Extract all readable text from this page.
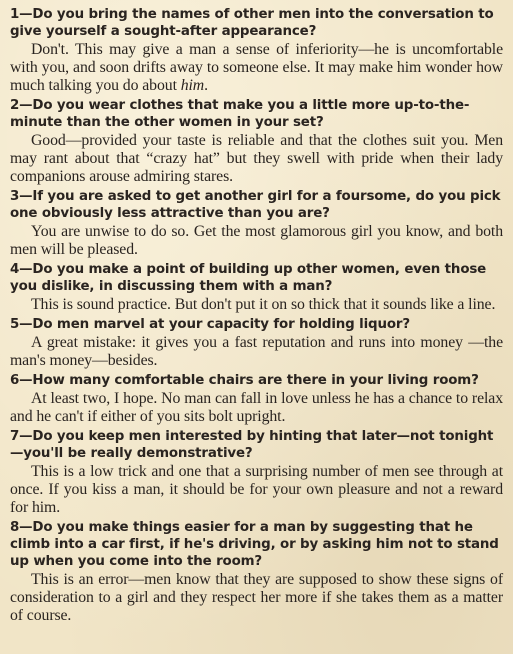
1—Do you bring the names of other men into the conversation to give yourself a sought-after appearance?

Don't. This may give a man a sense of inferiority—he is uncomfortable with you, and soon drifts away to someone else. It may make him wonder how much talking you do about him.

2—Do you wear clothes that make you a little more up-to-the-minute than the other women in your set?

Good—provided your taste is reliable and that the clothes suit you. Men may rant about that “crazy hat” but they swell with pride when their lady companions arouse admiring stares.

3—If you are asked to get another girl for a foursome, do you pick one obviously less attractive than you are?

You are unwise to do so. Get the most glamorous girl you know, and both men will be pleased.

4—Do you make a point of building up other women, even those you dislike, in discussing them with a man?

This is sound practice. But don't put it on so thick that it sounds like a line.

5—Do men marvel at your capacity for holding liquor?

A great mistake: it gives you a fast reputation and runs into money —the man's money—besides.

6—How many comfortable chairs are there in your living room?

At least two, I hope. No man can fall in love unless he has a chance to relax and he can't if either of you sits bolt upright.

7—Do you keep men interested by hinting that later—not tonight —you'll be really demonstrative?

This is a low trick and one that a surprising number of men see through at once. If you kiss a man, it should be for your own pleasure and not a reward for him.

8—Do you make things easier for a man by suggesting that he climb into a car first, if he's driving, or by asking him not to stand up when you come into the room?

This is an error—men know that they are supposed to show these signs of consideration to a girl and they respect her more if she takes them as a matter of course.
